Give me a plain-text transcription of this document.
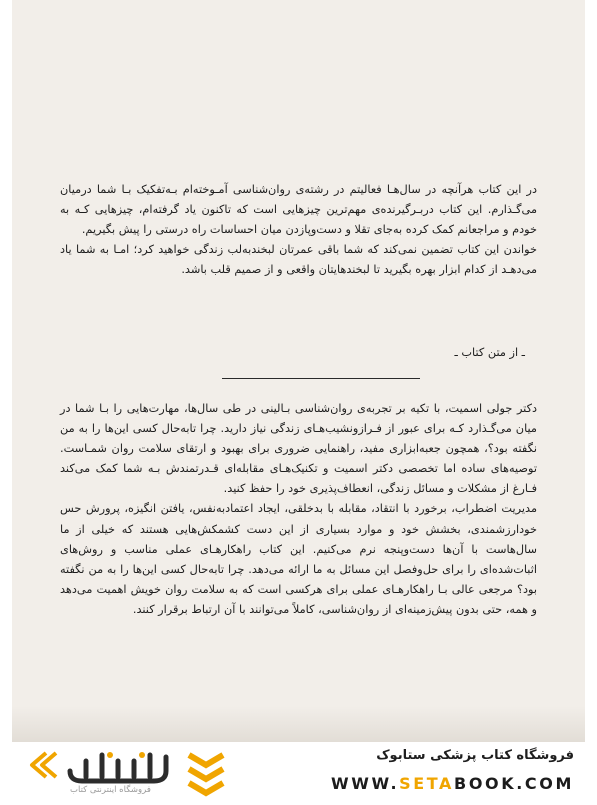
در این کتاب هرآنچه در سال‌هـا فعالیتم در رشته‌ی روان‌شناسی آمـوخته‌ام بـه‌تفکیک بـا شما درمیان می‌گـذارم. این کتاب دربـرگیرنده‌ی مهم‌ترین چیزهایی است که تاکنون یاد گرفته‌ام، چیزهایی کـه به خودم و مراجعانم کمک کرده به‌جای تقلا و دست‌وپازدن میان احساسات راه درستی را پیش بگیریم.

خواندن این کتاب تضمین نمی‌کند که شما باقی عمرتان لبخندبه‌لب زندگی خواهید کرد؛ امـا به شما یاد می‌دهـد از کدام ابزار بهره بگیرید تا لبخندهایتان واقعی و از صمیم قلب باشد.

ـ از متن کتاب ـ

دکتر جولی اسمیت، با تکیه بر تجربه‌ی روان‌شناسی بـالینی در طی سال‌ها، مهارت‌هایی را بـا شما در میان می‌گـذارد کـه برای عبور از فـرازونشیب‌هـای زندگی نیاز دارید. چرا تابه‌حال کسی این‌ها را به من نگفته بود؟، همچون جعبه‌ابزاری مفید، راهنمایی ضروری برای بهبود و ارتقای سلامت روان شمـاست. توصیه‌های ساده اما تخصصی دکتر اسمیت و تکنیک‌هـای مقابله‌ای قـدرتمندش بـه شما کمک می‌کند فـارغ از مشکلات و مسائل زندگی، انعطاف‌پذیری خود را حفظ کنید.

مدیریت اضطراب، برخورد با انتقاد، مقابله با بدخلقی، ایجاد اعتمادبه‌نفس، یافتن انگیزه، پرورش حس خودارزشمندی، بخشش خود و موارد بسیاری از این دست کشمکش‌هایی هستند که خیلی از ما سال‌هاست با آن‌ها دست‌وپنجه نرم می‌کنیم. این کتاب راهکارهـای عملی مناسب و روش‌های اثبات‌شده‌ای را برای حل‌وفصل این مسائل به ما ارائه می‌دهد. چرا تابه‌حال کسی این‌ها را به من نگفته بود؟ مرجعی عالی بـا راهکارهـای عملی برای هرکسی است که به سلامت روان خویش اهمیت می‌دهد و همه، حتی بدون پیش‌زمینه‌ای از روان‌شناسی، کاملاً می‌توانند با آن ارتباط برقرار کنند.

فروشگاه اینترنتی کتاب
فروشگاه کتاب پزشکی ستابوک
WWW.SETABOOK.COM
